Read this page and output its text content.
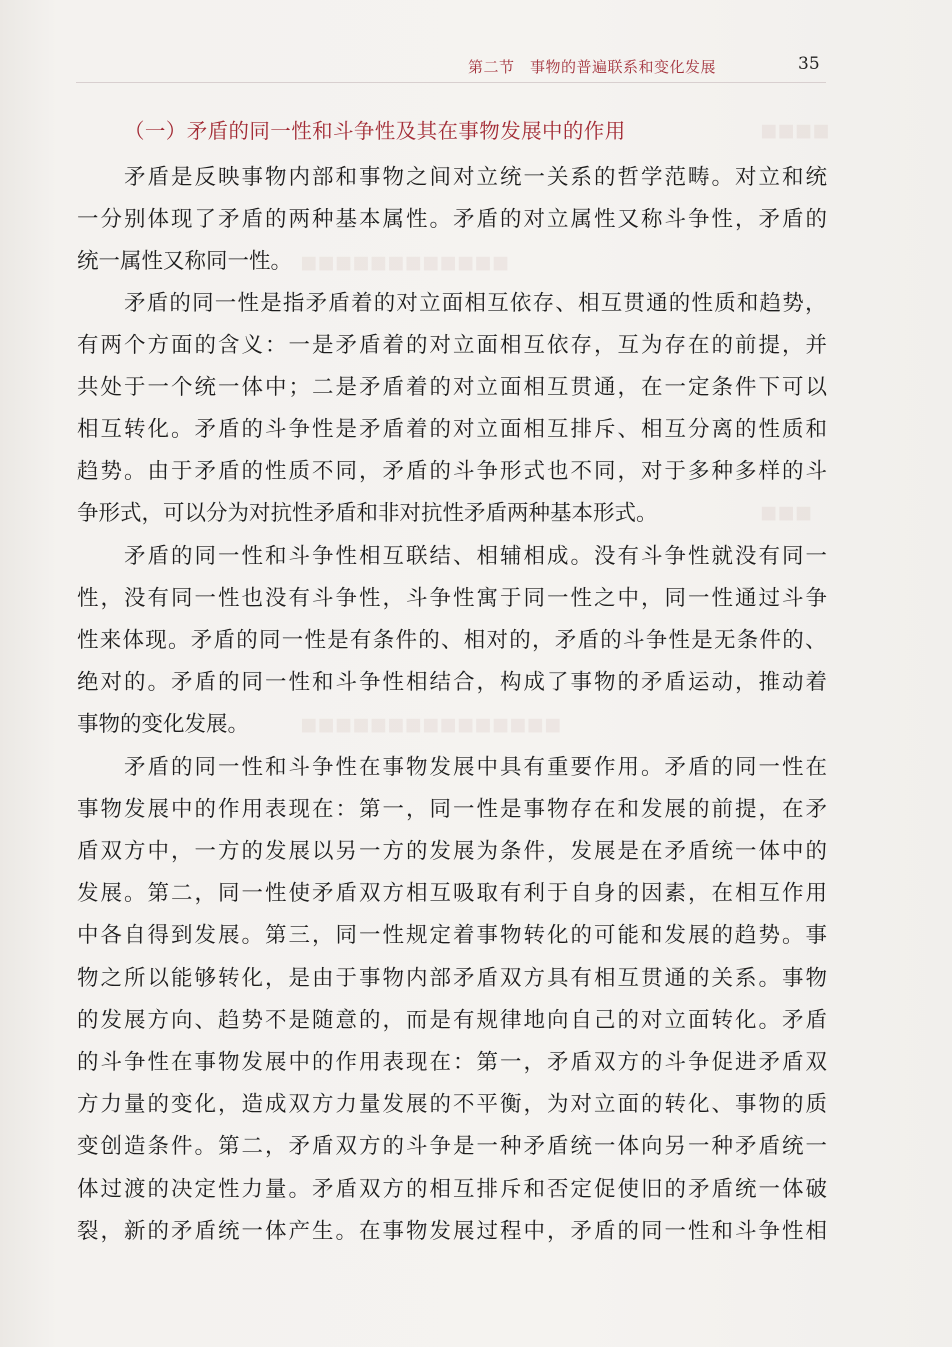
第二节　事物的普遍联系和变化发展	35
（一）矛盾的同一性和斗争性及其在事物发展中的作用
矛盾是反映事物内部和事物之间对立统一关系的哲学范畴。对立和统
一分别体现了矛盾的两种基本属性。矛盾的对立属性又称斗争性，矛盾的
统一属性又称同一性。
矛盾的同一性是指矛盾着的对立面相互依存、相互贯通的性质和趋势，
有两个方面的含义：一是矛盾着的对立面相互依存，互为存在的前提，并
共处于一个统一体中；二是矛盾着的对立面相互贯通，在一定条件下可以
相互转化。矛盾的斗争性是矛盾着的对立面相互排斥、相互分离的性质和
趋势。由于矛盾的性质不同，矛盾的斗争形式也不同，对于多种多样的斗
争形式，可以分为对抗性矛盾和非对抗性矛盾两种基本形式。
矛盾的同一性和斗争性相互联结、相辅相成。没有斗争性就没有同一
性，没有同一性也没有斗争性，斗争性寓于同一性之中，同一性通过斗争
性来体现。矛盾的同一性是有条件的、相对的，矛盾的斗争性是无条件的、
绝对的。矛盾的同一性和斗争性相结合，构成了事物的矛盾运动，推动着
事物的变化发展。
矛盾的同一性和斗争性在事物发展中具有重要作用。矛盾的同一性在
事物发展中的作用表现在：第一，同一性是事物存在和发展的前提，在矛
盾双方中，一方的发展以另一方的发展为条件，发展是在矛盾统一体中的
发展。第二，同一性使矛盾双方相互吸取有利于自身的因素，在相互作用
中各自得到发展。第三，同一性规定着事物转化的可能和发展的趋势。事
物之所以能够转化，是由于事物内部矛盾双方具有相互贯通的关系。事物
的发展方向、趋势不是随意的，而是有规律地向自己的对立面转化。矛盾
的斗争性在事物发展中的作用表现在：第一，矛盾双方的斗争促进矛盾双
方力量的变化，造成双方力量发展的不平衡，为对立面的转化、事物的质
变创造条件。第二，矛盾双方的斗争是一种矛盾统一体向另一种矛盾统一
体过渡的决定性力量。矛盾双方的相互排斥和否定促使旧的矛盾统一体破
裂，新的矛盾统一体产生。在事物发展过程中，矛盾的同一性和斗争性相
◼◼◼◼
◼◼◼◼◼◼◼◼◼◼◼◼
◼◼◼
◼◼◼◼◼◼◼◼◼◼◼◼◼◼◼
